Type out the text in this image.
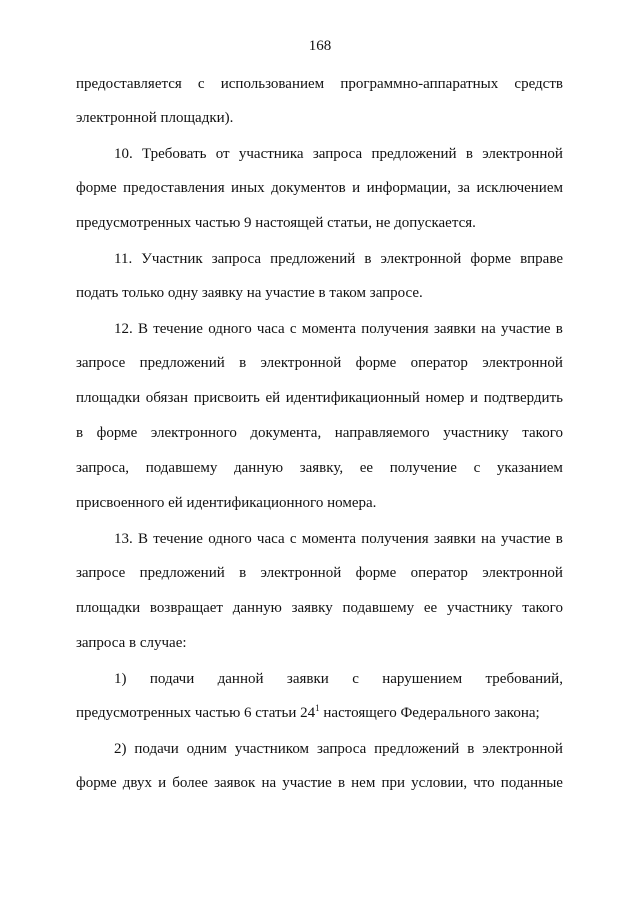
168
предоставляется с использованием программно-аппаратных средств
электронной площадки).
10. Требовать от участника запроса предложений в электронной
форме предоставления иных документов и информации, за исключением
предусмотренных частью 9 настоящей статьи, не допускается.
11. Участник запроса предложений в электронной форме вправе
подать только одну заявку на участие в таком запросе.
12. В течение одного часа с момента получения заявки на участие в
запросе предложений в электронной форме оператор электронной
площадки обязан присвоить ей идентификационный номер и подтвердить
в форме электронного документа, направляемого участнику такого
запроса, подавшему данную заявку, ее получение с указанием
присвоенного ей идентификационного номера.
13. В течение одного часа с момента получения заявки на участие в
запросе предложений в электронной форме оператор электронной
площадки возвращает данную заявку подавшему ее участнику такого
запроса в случае:
1) подачи данной заявки с нарушением требований,
предусмотренных частью 6 статьи $24^1$ настоящего Федерального закона;
2) подачи одним участником запроса предложений в электронной
форме двух и более заявок на участие в нем при условии, что поданные
